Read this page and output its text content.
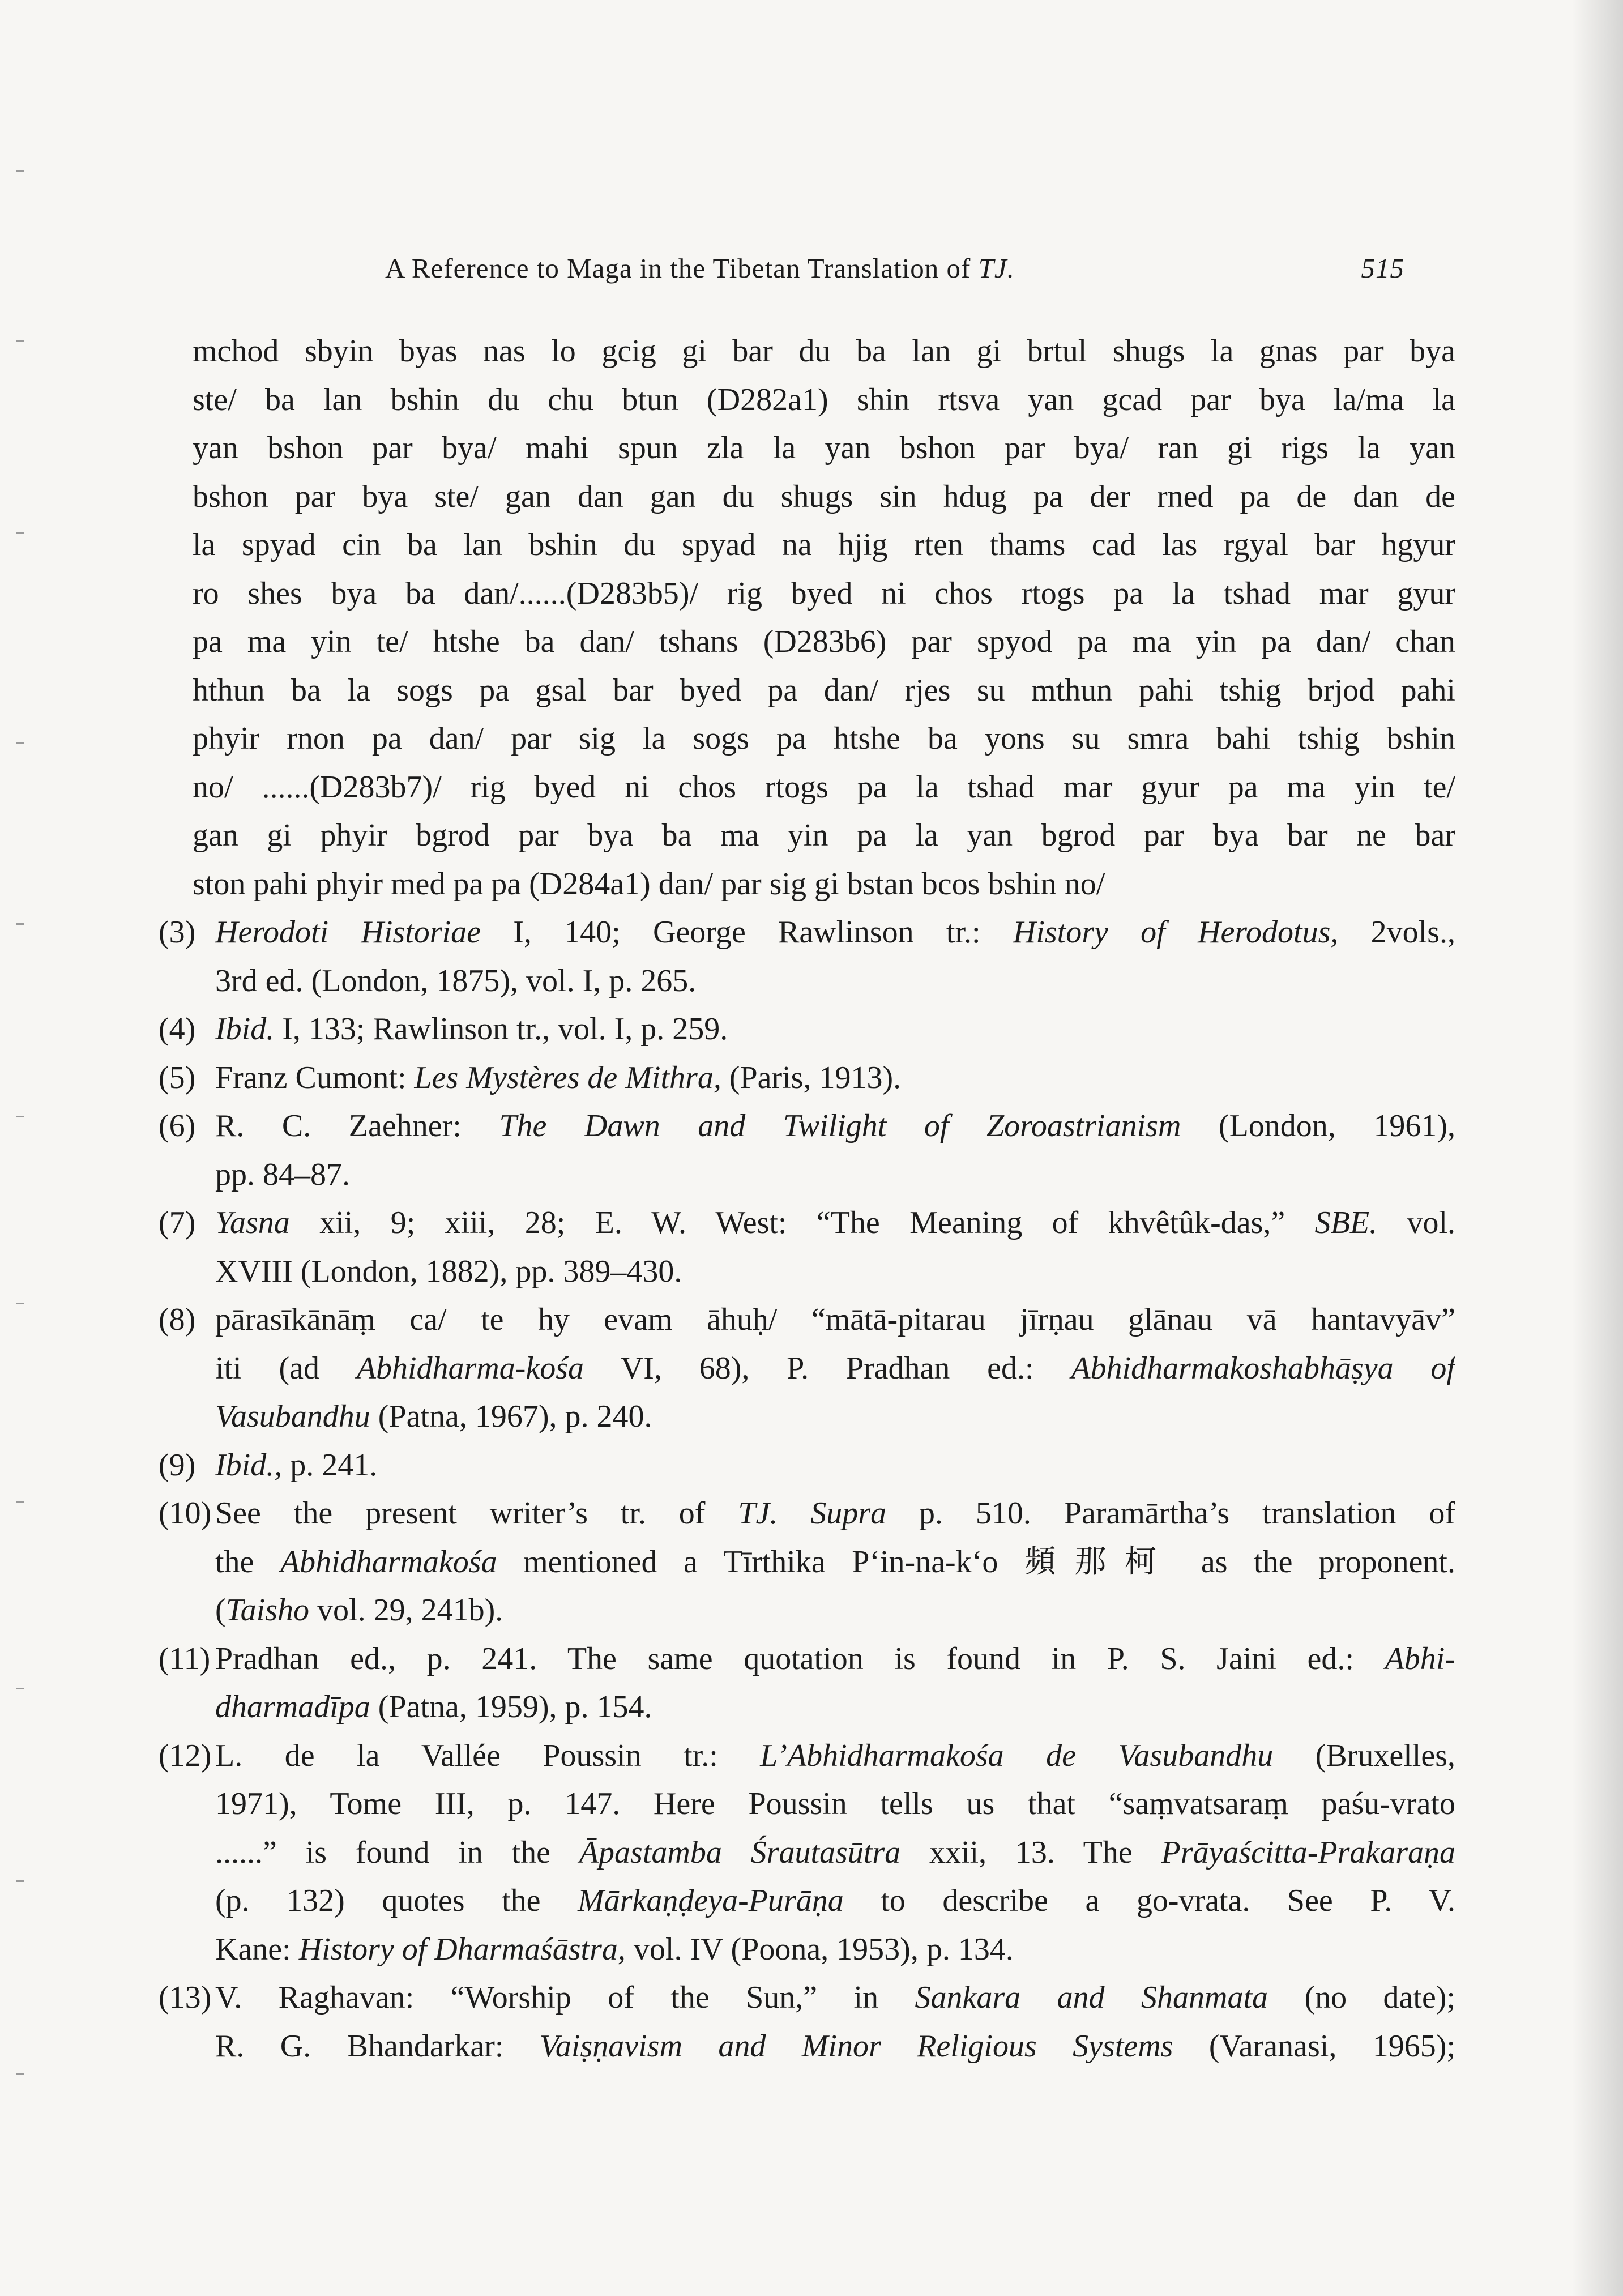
A Reference to Maga in the Tibetan Translation of TJ.	515

mchod sbyin byas nas lo gcig gi bar du ba lan gi brtul shugs la gnas par bya

ste/ ba lan bshin du chu btun (D282a1) shin rtsva yan gcad par bya la/ma la

yan bshon par bya/ mahi spun zla la yan bshon par bya/ ran gi rigs la yan

bshon par bya ste/ gan dan gan du shugs sin hdug pa der rned pa de dan de

la spyad cin ba lan bshin du spyad na hjig rten thams cad las rgyal bar hgyur

ro shes bya ba dan/......(D283b5)/ rig byed ni chos rtogs pa la tshad mar gyur

pa ma yin te/ htshe ba dan/ tshans (D283b6) par spyod pa ma yin pa dan/ chan

hthun ba la sogs pa gsal bar byed pa dan/ rjes su mthun pahi tshig brjod pahi

phyir rnon pa dan/ par sig la sogs pa htshe ba yons su smra bahi tshig bshin

no/ ......(D283b7)/ rig byed ni chos rtogs pa la tshad mar gyur pa ma yin te/

gan gi phyir bgrod par bya ba ma yin pa la yan bgrod par bya bar ne bar

ston pahi phyir med pa pa (D284a1) dan/ par sig gi bstan bcos bshin no/

(3) Herodoti Historiae I, 140; George Rawlinson tr.: History of Herodotus, 2vols.,

3rd ed. (London, 1875), vol. I, p. 265.

(4) Ibid. I, 133; Rawlinson tr., vol. I, p. 259.

(5) Franz Cumont: Les Mystères de Mithra, (Paris, 1913).

(6) R. C. Zaehner: The Dawn and Twilight of Zoroastrianism (London, 1961),

pp. 84–87.

(7) Yasna xii, 9; xiii, 28; E. W. West: “The Meaning of khvêtûk-das,” SBE. vol.

XVIII (London, 1882), pp. 389–430.

(8) pārasīkānāṃ ca/ te hy evam āhuḥ/ “mātā-pitarau jīrṇau glānau vā hantavyāv”

iti (ad Abhidharma-kośa VI, 68), P. Pradhan ed.: Abhidharmakoshabhāṣya of

Vasubandhu (Patna, 1967), p. 240.

(9) Ibid., p. 241.

(10) See the present writer’s tr. of TJ. Supra p. 510. Paramārtha’s translation of

the Abhidharmakośa mentioned a Tīrthika P‘in-na-k‘o 頻那柯 as the proponent.

(Taisho vol. 29, 241b).

(11) Pradhan ed., p. 241. The same quotation is found in P. S. Jaini ed.: Abhi-

dharmadīpa (Patna, 1959), p. 154.

(12) L. de la Vallée Poussin tr.: L’Abhidharmakośa de Vasubandhu (Bruxelles,

1971), Tome III, p. 147. Here Poussin tells us that “saṃvatsaraṃ paśu-vrato

......” is found in the Āpastamba Śrautasūtra xxii, 13. The Prāyaścitta-Prakaraṇa

(p. 132) quotes the Mārkaṇḍeya-Purāṇa to describe a go-vrata. See P. V.

Kane: History of Dharmaśāstra, vol. IV (Poona, 1953), p. 134.

(13) V. Raghavan: “Worship of the Sun,” in Sankara and Shanmata (no date);

R. G. Bhandarkar: Vaiṣṇavism and Minor Religious Systems (Varanasi, 1965);
